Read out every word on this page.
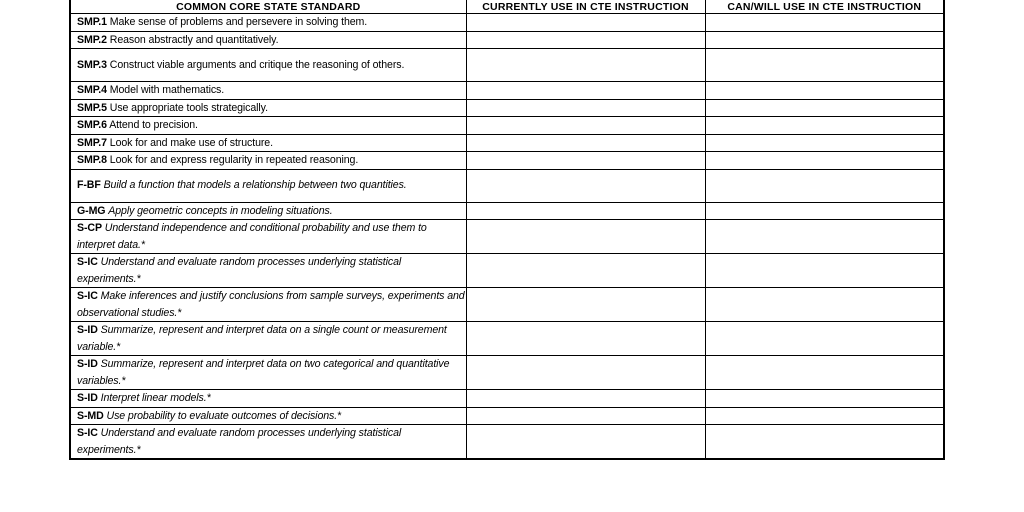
COMMON CORE STATE STANDARD	CURRENTLY USE IN CTE INSTRUCTION	CAN/WILL USE IN CTE INSTRUCTION
SMP.1 Make sense of problems and persevere in solving them.		
SMP.2 Reason abstractly and quantitatively.		
SMP.3 Construct viable arguments and critique the reasoning of others.		
SMP.4 Model with mathematics.		
SMP.5 Use appropriate tools strategically.		
SMP.6 Attend to precision.		
SMP.7 Look for and make use of structure.		
SMP.8 Look for and express regularity in repeated reasoning.		
F-BF Build a function that models a relationship between two quantities.		
G-MG Apply geometric concepts in modeling situations.		
S-CP Understand independence and conditional probability and use them to interpret data.*		
S-IC Understand and evaluate random processes underlying statistical experiments.*		
S-IC Make inferences and justify conclusions from sample surveys, experiments and observational studies.*		
S-ID Summarize, represent and interpret data on a single count or measurement variable.*		
S-ID Summarize, represent and interpret data on two categorical and quantitative variables.*		
S-ID Interpret linear models.*		
S-MD Use probability to evaluate outcomes of decisions.*		
S-IC Understand and evaluate random processes underlying statistical experiments.*		
